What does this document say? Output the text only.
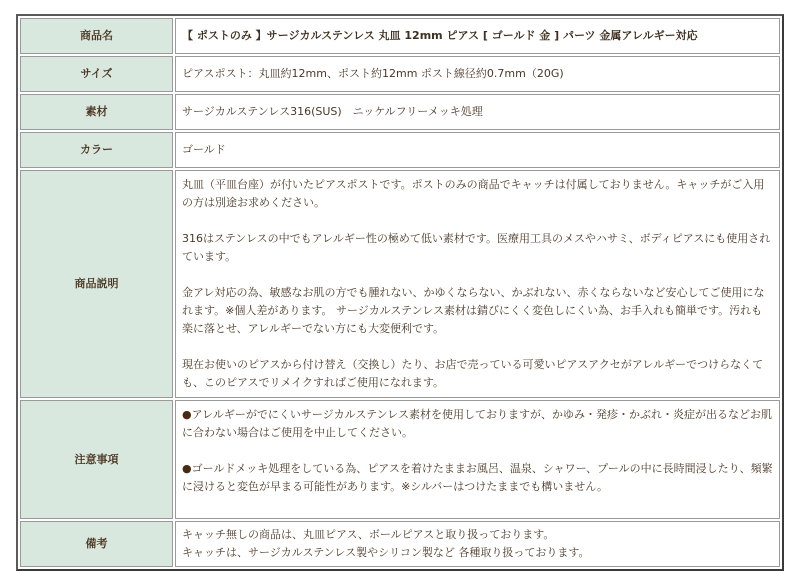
商品名	【 ポストのみ 】サージカルステンレス 丸皿 12mm ピアス [ ゴールド 金 ] パーツ 金属アレルギー対応
サイズ	ピアスポスト：丸皿約12mm、ポスト約12mm ポスト線径約0.7mm（20G)
素材	サージカルステンレス316(SUS)　ニッケルフリーメッキ処理
カラー	ゴールド
商品説明	丸皿（平皿台座）が付いたピアスポストです。ポストのみの商品でキャッチは付属しておりません。キャッチがご入用の方は別途お求めください。

316はステンレスの中でもアレルギー性の極めて低い素材です。医療用工具のメスやハサミ、ボディピアスにも使用されています。

金アレ対応の為、敏感なお肌の方でも腫れない、かゆくならない、かぶれない、赤くならないなど安心してご使用になれます。※個人差があります。 サージカルステンレス素材は錆びにくく変色しにくい為、お手入れも簡単です。汚れも楽に落とせ、アレルギーでない方にも大変便利です。

現在お使いのピアスから付け替え（交換し）たり、お店で売っている可愛いピアスアクセがアレルギーでつけらなくても、このピアスでリメイクすればご使用になれます。

注意事項	●アレルギーがでにくいサージカルステンレス素材を使用しておりますが、かゆみ・発疹・かぶれ・炎症が出るなどお肌に合わない場合はご使用を中止してください。

●ゴールドメッキ処理をしている為、ピアスを着けたままお風呂、温泉、シャワー、プールの中に長時間浸したり、頻繁に浸けると変色が早まる可能性があります。※シルバーはつけたままでも構いません。

備考	キャッチ無しの商品は、丸皿ピアス、ボールピアスと取り扱っております。
キャッチは、サージカルステンレス製やシリコン製など 各種取り扱っております。
